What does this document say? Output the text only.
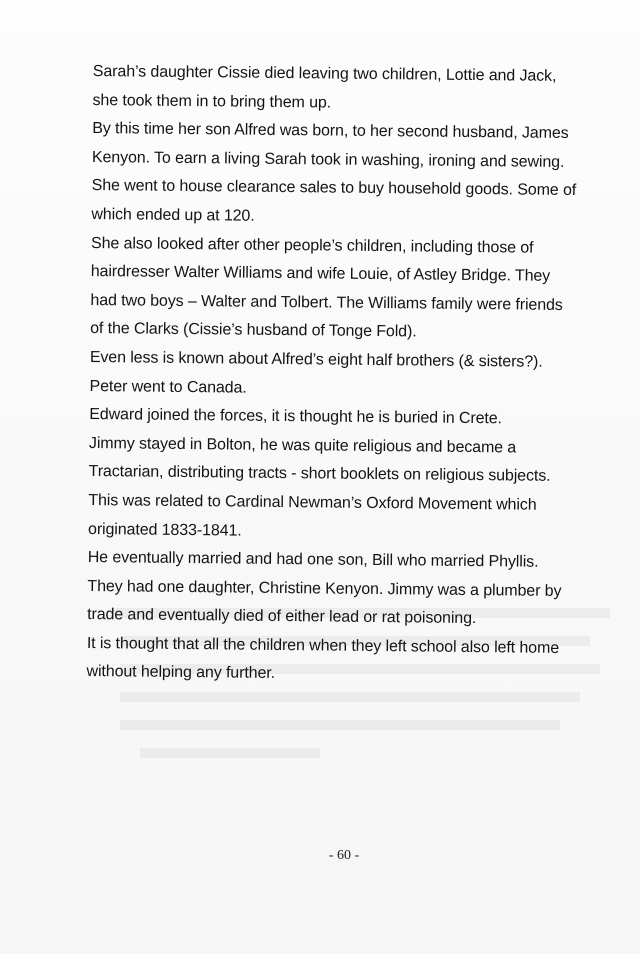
Sarah’s daughter Cissie died leaving two children, Lottie and Jack,
she took them in to bring them up.

By this time her son Alfred was born, to her second husband, James
Kenyon. To earn a living Sarah took in washing, ironing and sewing.
She went to house clearance sales to buy household goods. Some of
which ended up at 120.

She also looked after other people’s children, including those of
hairdresser Walter Williams and wife Louie, of Astley Bridge. They
had two boys – Walter and Tolbert. The Williams family were friends
of the Clarks (Cissie’s husband of Tonge Fold).

Even less is known about Alfred’s eight half brothers (& sisters?).
Peter went to Canada.

Edward joined the forces, it is thought he is buried in Crete.

Jimmy stayed in Bolton, he was quite religious and became a
Tractarian, distributing tracts - short booklets on religious subjects.
This was related to Cardinal Newman’s Oxford Movement which
originated 1833-1841.

He eventually married and had one son, Bill who married Phyllis.
They had one daughter, Christine Kenyon. Jimmy was a plumber by
trade and eventually died of either lead or rat poisoning.

It is thought that all the children when they left school also left home
without helping any further.

- 60 -
